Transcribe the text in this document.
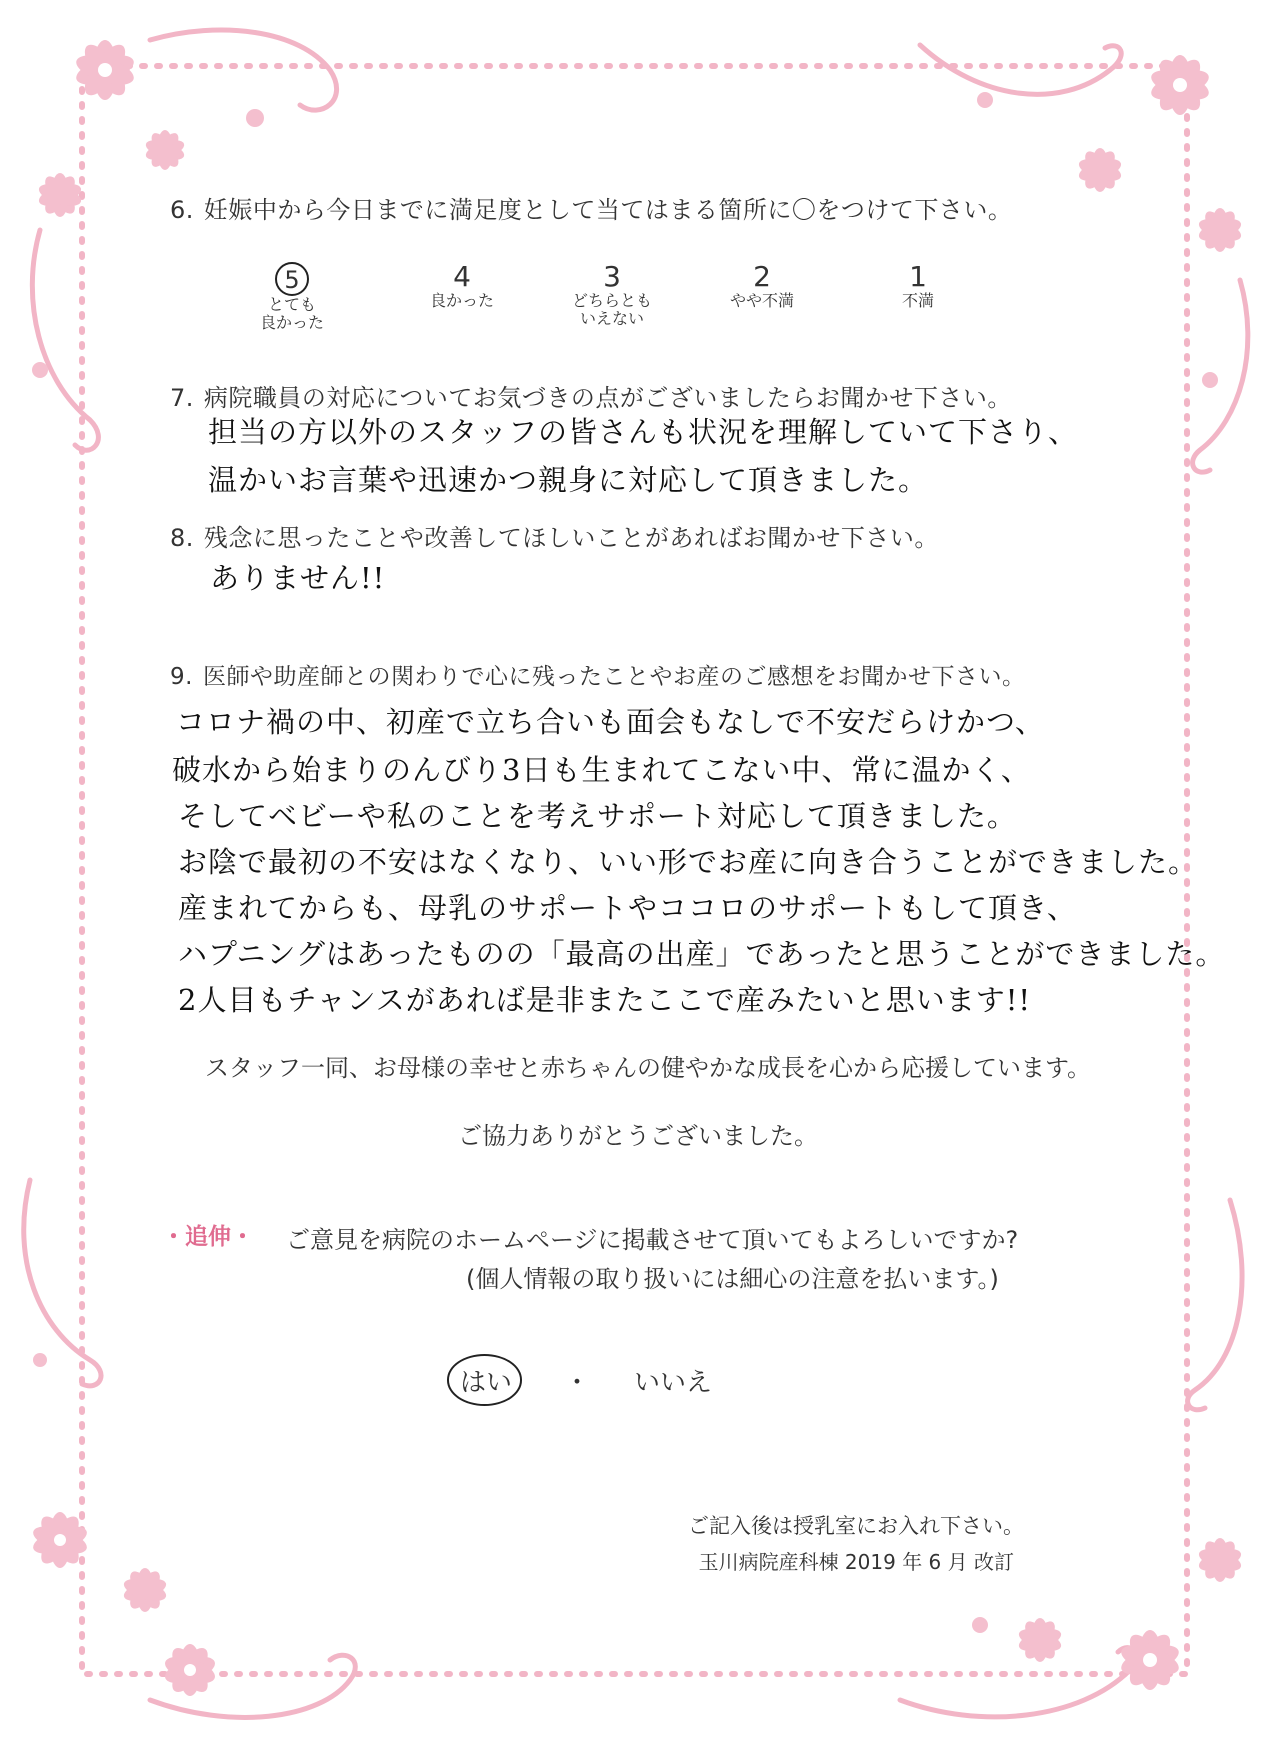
6. 妊娠中から今日までに満足度として当てはまる箇所に〇をつけて下さい。
5
とても
良かった
4
良かった
3
どちらとも
いえない
2
やや不満
1
不満
7. 病院職員の対応についてお気づきの点がございましたらお聞かせ下さい。
担当の方以外のスタッフの皆さんも状況を理解していて下さり、
温かいお言葉や迅速かつ親身に対応して頂きました。
8. 残念に思ったことや改善してほしいことがあればお聞かせ下さい。
ありません!!
9. 医師や助産師との関わりで心に残ったことやお産のご感想をお聞かせ下さい。
コロナ禍の中、初産で立ち合いも面会もなしで不安だらけかつ、
破水から始まりのんびり3日も生まれてこない中、常に温かく、
そしてベビーや私のことを考えサポート対応して頂きました。
お陰で最初の不安はなくなり、いい形でお産に向き合うことができました。
産まれてからも、母乳のサポートやココロのサポートもして頂き、
ハプニングはあったものの「最高の出産」であったと思うことができました。
2人目もチャンスがあれば是非またここで産みたいと思います!!
スタッフ一同、お母様の幸せと赤ちゃんの健やかな成長を心から応援しています。
ご協力ありがとうございました。
・追伸・ ご意見を病院のホームページに掲載させて頂いてもよろしいですか?
(個人情報の取り扱いには細心の注意を払います。)
はい ・ いいえ
ご記入後は授乳室にお入れ下さい。
玉川病院産科棟 2019 年 6 月 改訂
